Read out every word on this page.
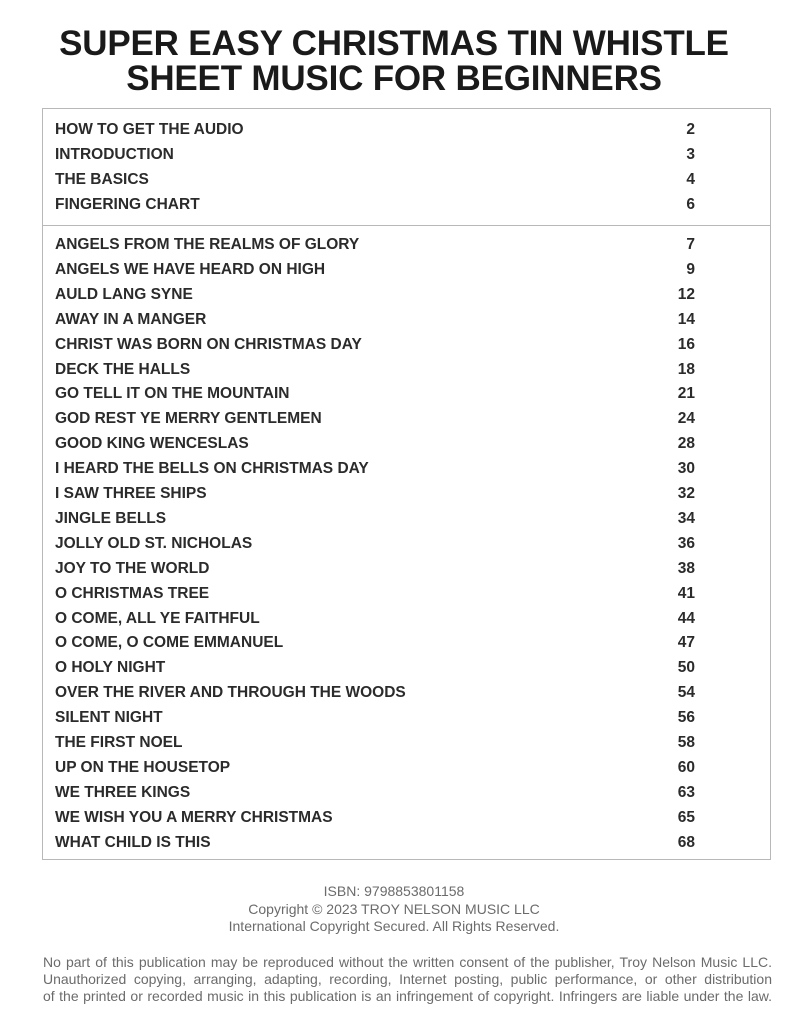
SUPER EASY CHRISTMAS TIN WHISTLE
SHEET MUSIC FOR BEGINNERS
HOW TO GET THE AUDIO	2
INTRODUCTION	3
THE BASICS	4
FINGERING CHART	6
ANGELS FROM THE REALMS OF GLORY	7
ANGELS WE HAVE HEARD ON HIGH	9
AULD LANG SYNE	12
AWAY IN A MANGER	14
CHRIST WAS BORN ON CHRISTMAS DAY	16
DECK THE HALLS	18
GO TELL IT ON THE MOUNTAIN	21
GOD REST YE MERRY GENTLEMEN	24
GOOD KING WENCESLAS	28
I HEARD THE BELLS ON CHRISTMAS DAY	30
I SAW THREE SHIPS	32
JINGLE BELLS	34
JOLLY OLD ST. NICHOLAS	36
JOY TO THE WORLD	38
O CHRISTMAS TREE	41
O COME, ALL YE FAITHFUL	44
O COME, O COME EMMANUEL	47
O HOLY NIGHT	50
OVER THE RIVER AND THROUGH THE WOODS	54
SILENT NIGHT	56
THE FIRST NOEL	58
UP ON THE HOUSETOP	60
WE THREE KINGS	63
WE WISH YOU A MERRY CHRISTMAS	65
WHAT CHILD IS THIS	68
ISBN: 9798853801158
Copyright © 2023 TROY NELSON MUSIC LLC
International Copyright Secured. All Rights Reserved.
No part of this publication may be reproduced without the written consent of the publisher, Troy Nelson Music LLC.
Unauthorized copying, arranging, adapting, recording, Internet posting, public performance, or other distribution
of the printed or recorded music in this publication is an infringement of copyright. Infringers are liable under the law.
